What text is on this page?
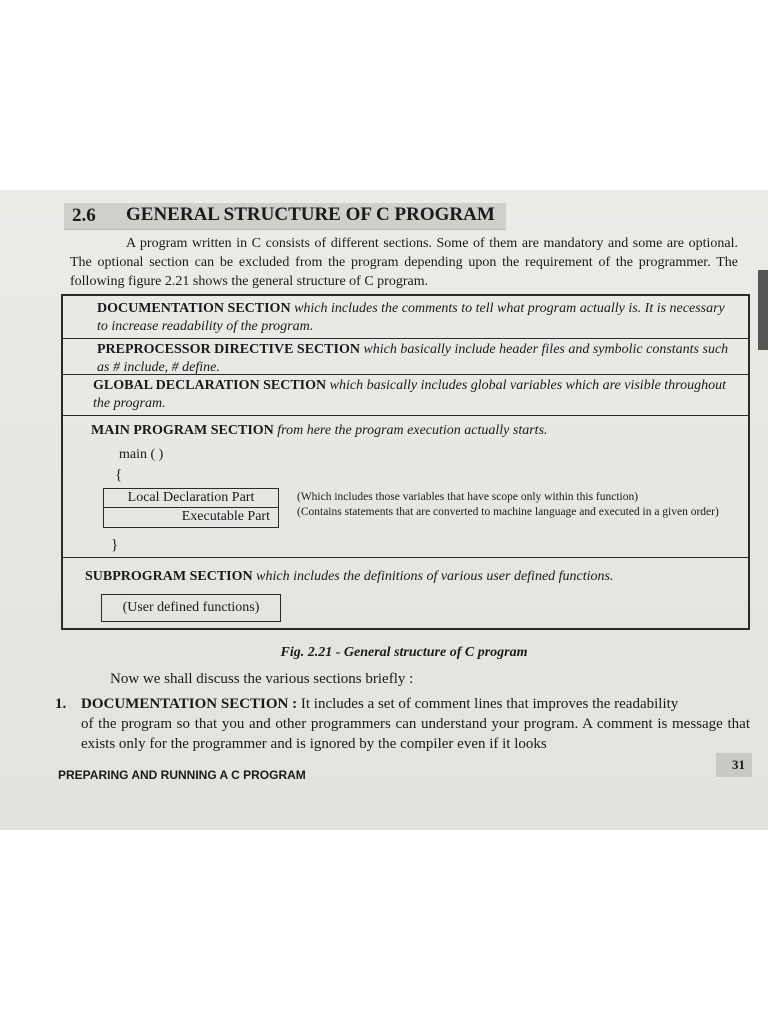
2.6 GENERAL STRUCTURE OF C PROGRAM
A program written in C consists of different sections. Some of them are mandatory and some are optional. The optional section can be excluded from the program depending upon the requirement of the programmer. The following figure 2.21 shows the general structure of C program.
DOCUMENTATION SECTION which includes the comments to tell what program actually is. It is necessary to increase readability of the program.
PREPROCESSOR DIRECTIVE SECTION which basically include header files and symbolic constants such as # include, # define.
GLOBAL DECLARATION SECTION which basically includes global variables which are visible throughout the program.
MAIN PROGRAM SECTION from here the program execution actually starts.
main ( )
{
Local Declaration Part
Executable Part
(Which includes those variables that have scope only within this function)
(Contains statements that are converted to machine language and executed in a given order)
}
SUBPROGRAM SECTION which includes the definitions of various user defined functions.
(User defined functions)
Fig. 2.21 - General structure of C program
Now we shall discuss the various sections briefly :
1. DOCUMENTATION SECTION : It includes a set of comment lines that improves the readability
of the program so that you and other programmers can understand your program. A comment is message that exists only for the programmer and is ignored by the compiler even if it looks
PREPARING AND RUNNING A C PROGRAM
31
